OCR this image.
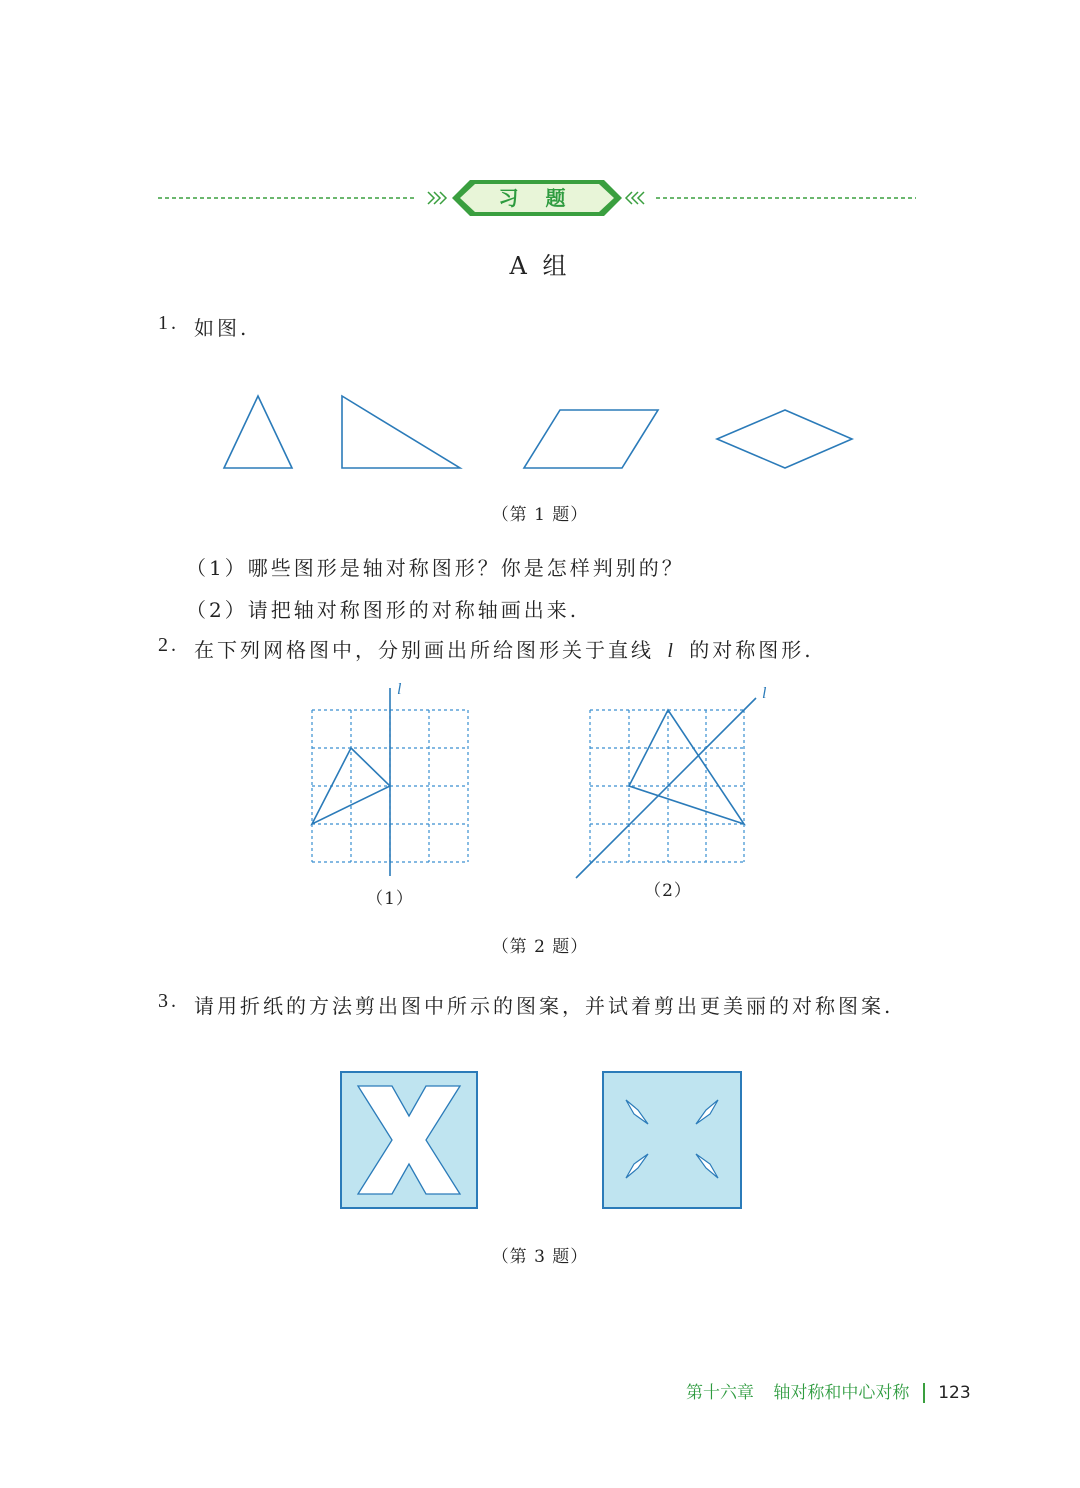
习 题
A 组
1. 如图.
（第 1 题）
（1）哪些图形是轴对称图形？你是怎样判别的？
（2）请把轴对称图形的对称轴画出来.
2. 在下列网格图中，分别画出所给图形关于直线 l 的对称图形.
l
（1）
l
（2）
（第 2 题）
3. 请用折纸的方法剪出图中所示的图案，并试着剪出更美丽的对称图案.
（第 3 题）
第十六章 轴对称和中心对称 123
